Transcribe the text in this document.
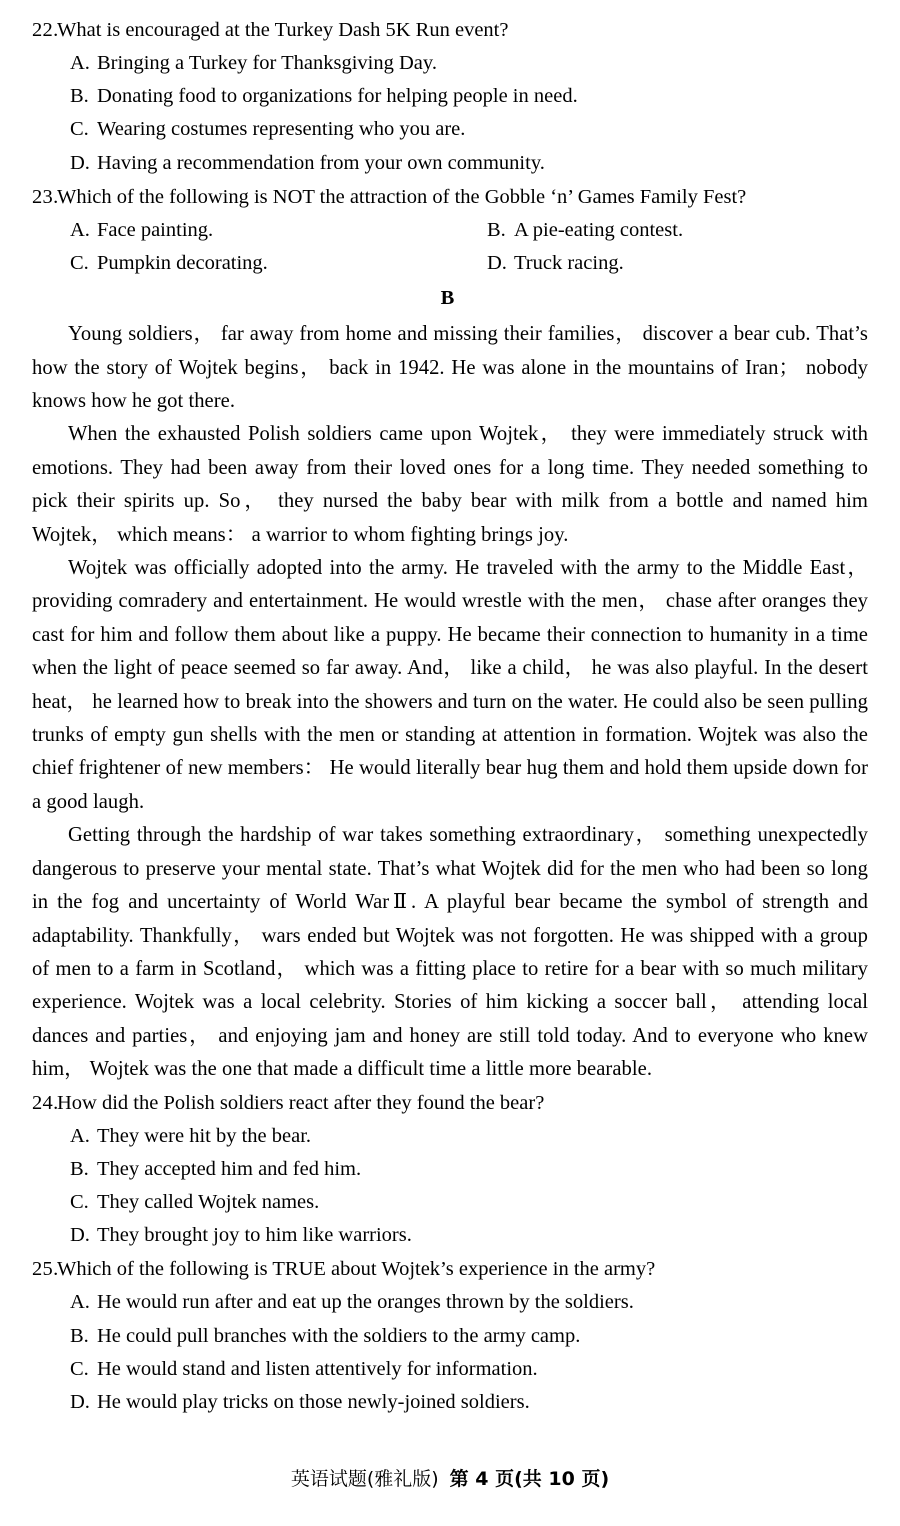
22.
What is encouraged at the Turkey Dash 5K Run event?
A. Bringing a Turkey for Thanksgiving Day.
B. Donating food to organizations for helping people in need.
C. Wearing costumes representing who you are.
D. Having a recommendation from your own community.
23.
Which of the following is NOT the attraction of the Gobble ‘n’ Games Family Fest?
A. Face painting.	B. A pie-eating contest.
C. Pumpkin decorating.	D. Truck racing.
B

Young soldiers， far away from home and missing their families， discover a bear cub. That’s how the story of Wojtek begins， back in 1942. He was alone in the mountains of Iran； nobody knows how he got there.

When the exhausted Polish soldiers came upon Wojtek， they were immediately struck with emotions. They had been away from their loved ones for a long time. They needed something to pick their spirits up. So， they nursed the baby bear with milk from a bottle and named him Wojtek， which means： a warrior to whom fighting brings joy.

Wojtek was officially adopted into the army. He traveled with the army to the Middle East， providing comradery and entertainment. He would wrestle with the men， chase after oranges they cast for him and follow them about like a puppy. He became their connection to humanity in a time when the light of peace seemed so far away. And， like a child， he was also playful. In the desert heat， he learned how to break into the showers and turn on the water. He could also be seen pulling trunks of empty gun shells with the men or standing at attention in formation. Wojtek was also the chief frightener of new members： He would literally bear hug them and hold them upside down for a good laugh.

Getting through the hardship of war takes something extraordinary， something unexpectedly dangerous to preserve your mental state. That’s what Wojtek did for the men who had been so long in the fog and uncertainty of World WarⅡ. A playful bear became the symbol of strength and adaptability. Thankfully， wars ended but Wojtek was not forgotten. He was shipped with a group of men to a farm in Scotland， which was a fitting place to retire for a bear with so much military experience. Wojtek was a local celebrity. Stories of him kicking a soccer ball， attending local dances and parties， and enjoying jam and honey are still told today. And to everyone who knew him， Wojtek was the one that made a difficult time a little more bearable.

24.
How did the Polish soldiers react after they found the bear?
A. They were hit by the bear.
B. They accepted him and fed him.
C. They called Wojtek names.
D. They brought joy to him like warriors.
25.
Which of the following is TRUE about Wojtek’s experience in the army?
A. He would run after and eat up the oranges thrown by the soldiers.
B. He could pull branches with the soldiers to the army camp.
C. He would stand and listen attentively for information.
D. He would play tricks on those newly-joined soldiers.
英语试题(雅礼版) 第 4 页(共 10 页)
